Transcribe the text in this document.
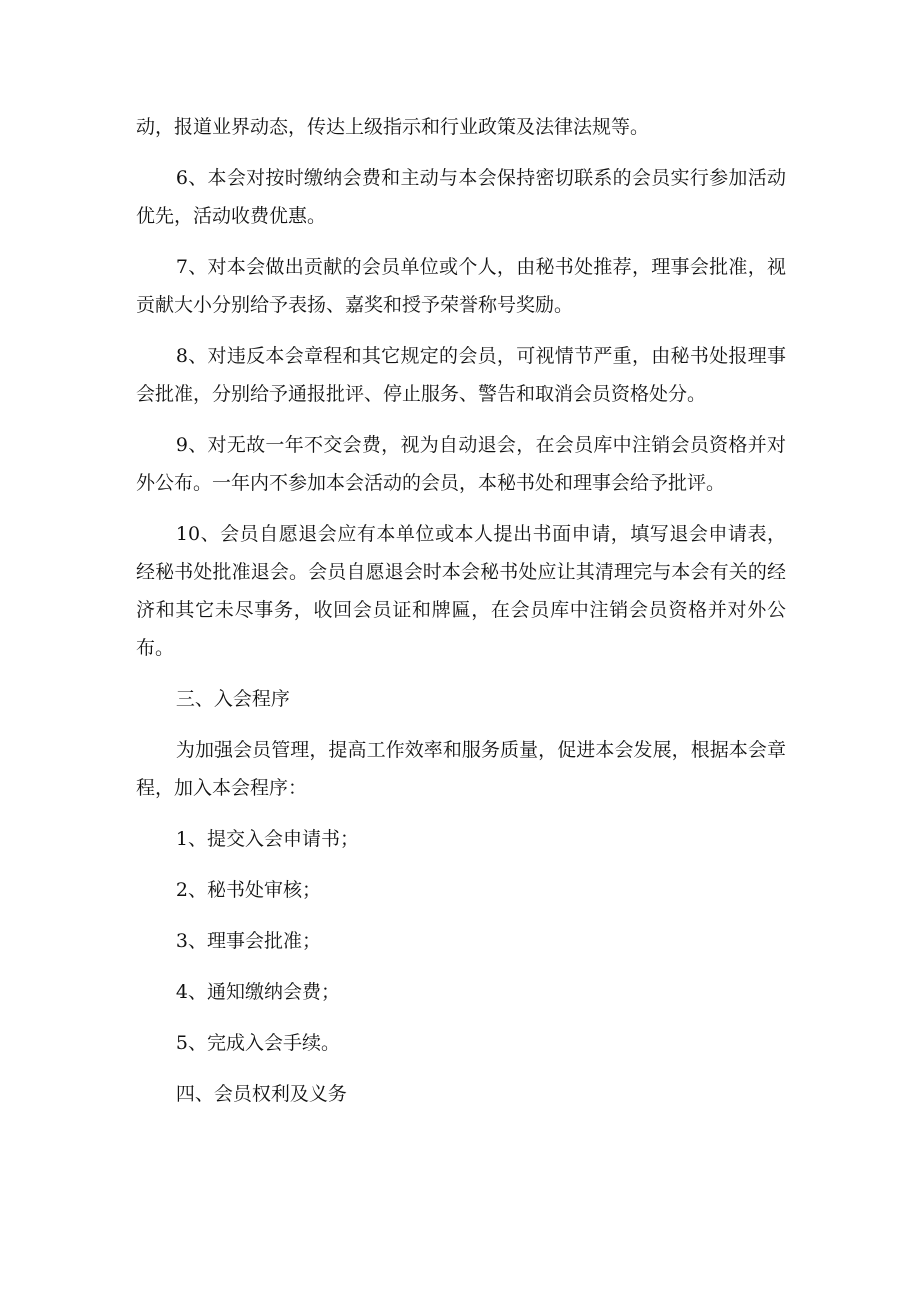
动，报道业界动态，传达上级指示和行业政策及法律法规等。

6、本会对按时缴纳会费和主动与本会保持密切联系的会员实行参加活动优先，活动收费优惠。

7、对本会做出贡献的会员单位或个人，由秘书处推荐，理事会批准，视贡献大小分别给予表扬、嘉奖和授予荣誉称号奖励。

8、对违反本会章程和其它规定的会员，可视情节严重，由秘书处报理事会批准，分别给予通报批评、停止服务、警告和取消会员资格处分。

9、对无故一年不交会费，视为自动退会，在会员库中注销会员资格并对外公布。一年内不参加本会活动的会员，本秘书处和理事会给予批评。

10、会员自愿退会应有本单位或本人提出书面申请，填写退会申请表，经秘书处批准退会。会员自愿退会时本会秘书处应让其清理完与本会有关的经济和其它未尽事务，收回会员证和牌匾，在会员库中注销会员资格并对外公布。

三、入会程序

为加强会员管理，提高工作效率和服务质量，促进本会发展，根据本会章程，加入本会程序：

1、提交入会申请书；

2、秘书处审核；

3、理事会批准；

4、通知缴纳会费；

5、完成入会手续。

四、会员权利及义务
